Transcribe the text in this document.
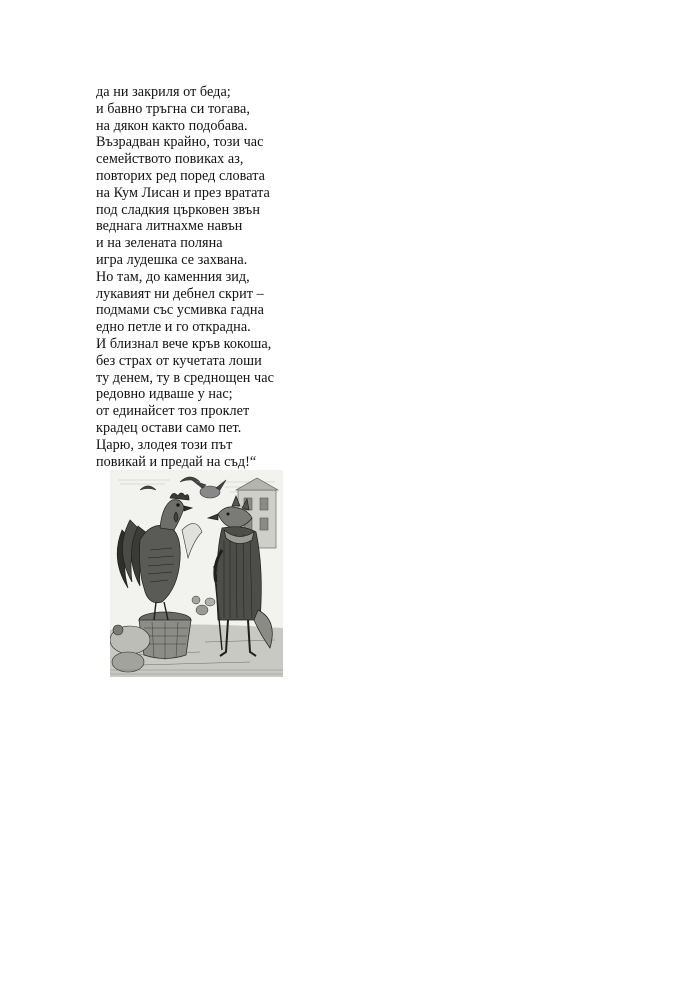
да ни закриля от беда;
и бавно тръгна си тогава,
на дякон както подобава.
Възрадван крайно, този час
семейството повиках аз,
повторих ред поред словата
на Кум Лисан и през вратата
под сладкия църковен звън
веднага литнахме навън
и на зелената поляна
игра лудешка се захвана.
Но там, до каменния зид,
лукавият ни дебнел скрит –
подмами със усмивка гадна
едно петле и го открадна.
И близнал вече кръв кокоша,
без страх от кучетата лоши
ту денем, ту в среднощен час
редовно идваше у нас;
от единайсет тоз проклет
крадец остави само пет.
Царю, злодея този път
повикай и предай на съд!“
